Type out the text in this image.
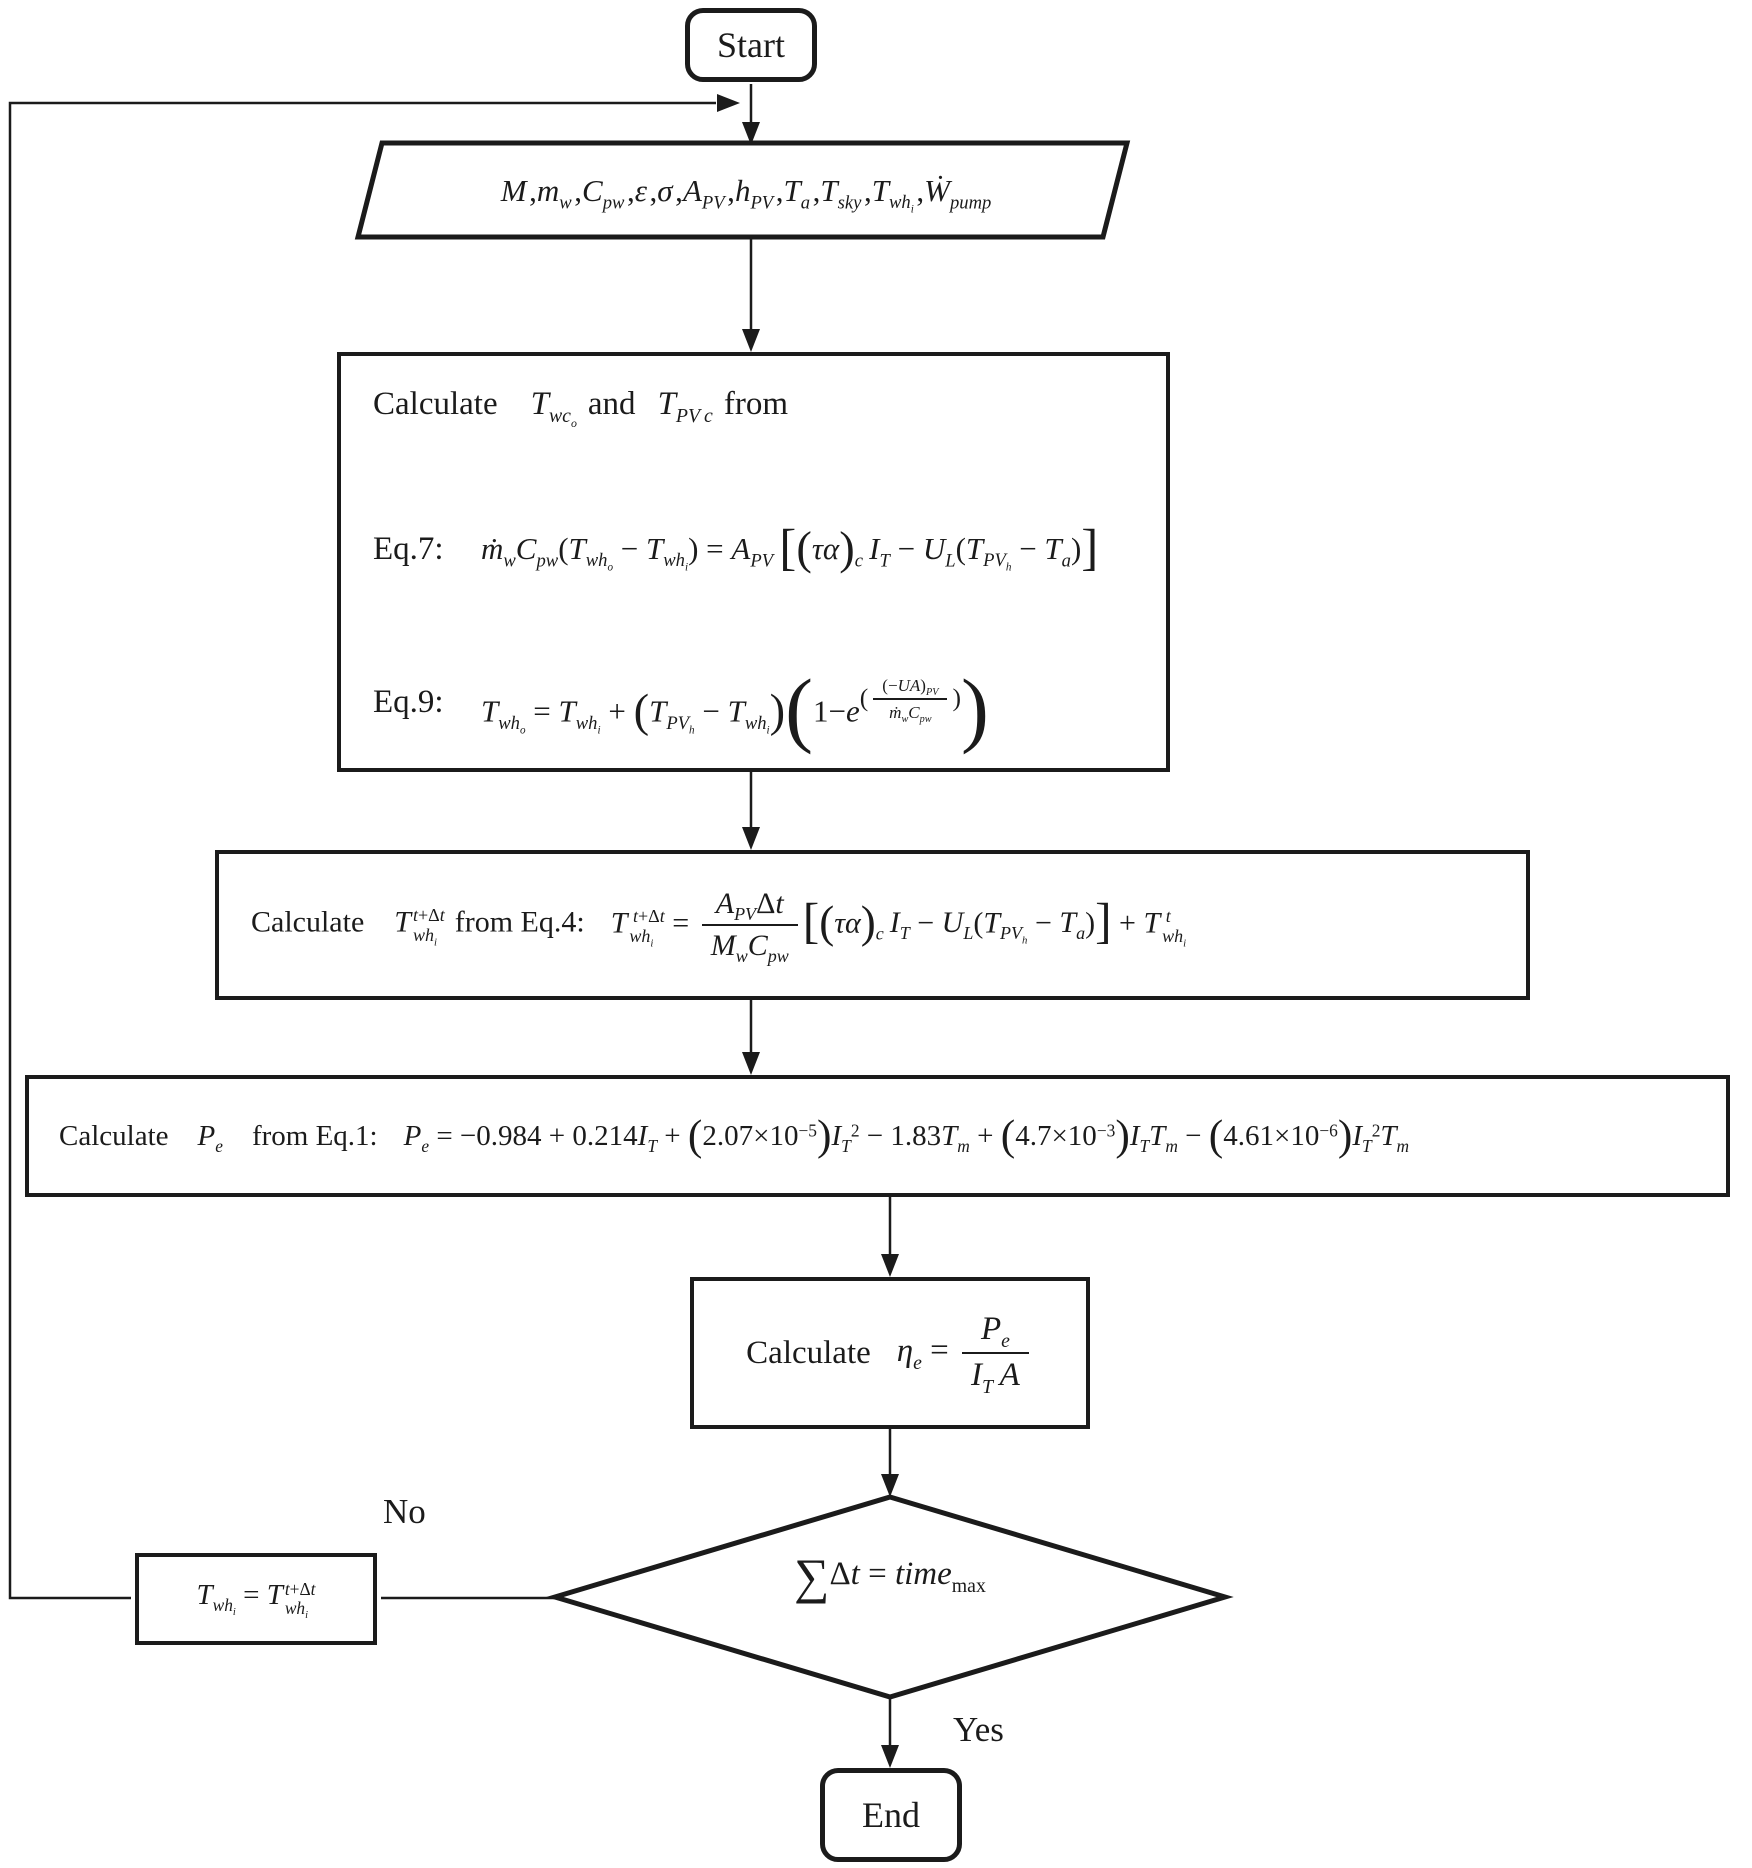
Start
M $,m_w$ $,C_{pw}$ ,ε ,σ $,A_{PV}$ $,h_{PV}$ $,T_a$ $,T_{sky}$ $,T_{wh_i}$ ,Ẇ$_{pump}$
Calculate $T_{wc_o}$ and  $T_{PV c}$ from
Eq.7:	$ṁ_wC_{pw}(T_{wh_o} - T_{wh_i}) = A_{PV}$  [$(\tau\alpha)_c$  $I_T - U_L(T_{PV_h} - T_a)$]
Eq.9:	$T_{wh_o} = T_{wh_i} + (T_{PV_h} - T_{wh_i})(1-e( \frac{(-UA)_{PV}}{ṁ_wC_{pw}}$ ))
Calculate T t+Δt
$wh_i$
 from Eq.4: T
  t+Δt
$wh_i$
= $\frac{A_{PV}\Delta t}{M_wC_{pw}} [(\tau\alpha)_c$  $I_T - U_L(T_{PV_h} - T_a)] + T$
  t
$wh_i$
Calculate $P_e$ from Eq.1: $P_e = -0.984 + 0.214I_T + (2.07\times 10^{-5})I_T^2 - 1.83T_m + (4.7\times 10^{-3})I_TT_m - (4.61\times 10^{-6})I_T^2T_m$
Calculate $\eta_e = \frac{P_e}{I_T A}$
∑Δt = time$_{max}$
No
Yes
$T_{wh_i} = T$ t+Δt
$wh_i$
End
